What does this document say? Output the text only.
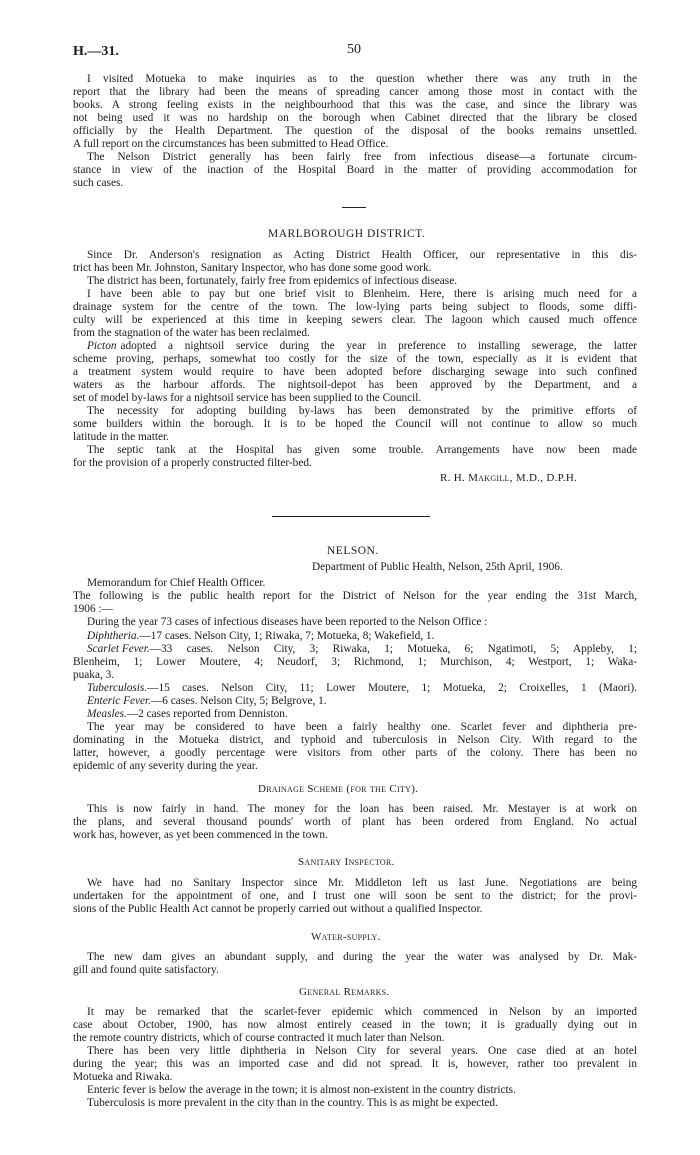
H.—31.	50
I visited Motueka to make inquiries as to the question whether there was any truth in the
report that the library had been the means of spreading cancer among those most in contact with the
books. A strong feeling exists in the neighbourhood that this was the case, and since the library was
not being used it was no hardship on the borough when Cabinet directed that the library be closed
officially by the Health Department. The question of the disposal of the books remains unsettled.
A full report on the circumstances has been submitted to Head Office.
The Nelson District generally has been fairly free from infectious disease—a fortunate circum-
stance in view of the inaction of the Hospital Board in the matter of providing accommodation for
such cases.
MARLBOROUGH DISTRICT.
Since Dr. Anderson's resignation as Acting District Health Officer, our representative in this dis-
trict has been Mr. Johnston, Sanitary Inspector, who has done some good work.
The district has been, fortunately, fairly free from epidemics of infectious disease.
I have been able to pay but one brief visit to Blenheim. Here, there is arising much need for a
drainage system for the centre of the town. The low-lying parts being subject to floods, some diffi-
culty will be experienced at this time in keeping sewers clear. The lagoon which caused much offence
from the stagnation of the water has been reclaimed.
Picton adopted a nightsoil service during the year in preference to installing sewerage, the latter
scheme proving, perhaps, somewhat too costly for the size of the town, especially as it is evident that
a treatment system would require to have been adopted before discharging sewage into such confined
waters as the harbour affords. The nightsoil-depot has been approved by the Department, and a
set of model by-laws for a nightsoil service has been supplied to the Council.
The necessity for adopting building by-laws has been demonstrated by the primitive efforts of
some builders within the borough. It is to be hoped the Council will not continue to allow so much
latitude in the matter.
The septic tank at the Hospital has given some trouble. Arrangements have now been made
for the provision of a properly constructed filter-bed.
R. H. Makgill, M.D., D.P.H.
NELSON.
Department of Public Health, Nelson, 25th April, 1906.
Memorandum for Chief Health Officer.
The following is the public health report for the District of Nelson for the year ending the 31st March,
1906 :—
During the year 73 cases of infectious diseases have been reported to the Nelson Office :
Diphtheria.—17 cases. Nelson City, 1; Riwaka, 7; Motueka, 8; Wakefield, 1.
Scarlet Fever. —33 cases. Nelson City, 3; Riwaka, 1; Motueka, 6; Ngatimoti, 5; Appleby, 1;
Blenheim, 1; Lower Moutere, 4; Neudorf, 3; Richmond, 1; Murchison, 4; Westport, 1; Waka-
puaka, 3.
Tuberculosis. —15 cases. Nelson City, 11; Lower Moutere, 1; Motueka, 2; Croixelles, 1 (Maori).
Enteric Fever.—6 cases. Nelson City, 5; Belgrove, 1.
Measles.—2 cases reported from Denniston.
The year may be considered to have been a fairly healthy one. Scarlet fever and diphtheria pre-
dominating in the Motueka district, and typhoid and tuberculosis in Nelson City. With regard to the
latter, however, a goodly percentage were visitors from other parts of the colony. There has been no
epidemic of any severity during the year.
Drainage Scheme (for the City).
This is now fairly in hand. The money for the loan has been raised. Mr. Mestayer is at work on
the plans, and several thousand pounds' worth of plant has been ordered from England. No actual
work has, however, as yet been commenced in the town.
Sanitary Inspector.
We have had no Sanitary Inspector since Mr. Middleton left us last June. Negotiations are being
undertaken for the appointment of one, and I trust one will soon be sent to the district; for the provi-
sions of the Public Health Act cannot be properly carried out without a qualified Inspector.
Water-supply.
The new dam gives an abundant supply, and during the year the water was analysed by Dr. Mak-
gill and found quite satisfactory.
General Remarks.
It may be remarked that the scarlet-fever epidemic which commenced in Nelson by an imported
case about October, 1900, has now almost entirely ceased in the town; it is gradually dying out in
the remote country districts, which of course contracted it much later than Nelson.
There has been very little diphtheria in Nelson City for several years. One case died at an hotel
during the year; this was an imported case and did not spread. It is, however, rather too prevalent in
Motueka and Riwaka.
Enteric fever is below the average in the town; it is almost non-existent in the country districts.
Tuberculosis is more prevalent in the city than in the country. This is as might be expected.
